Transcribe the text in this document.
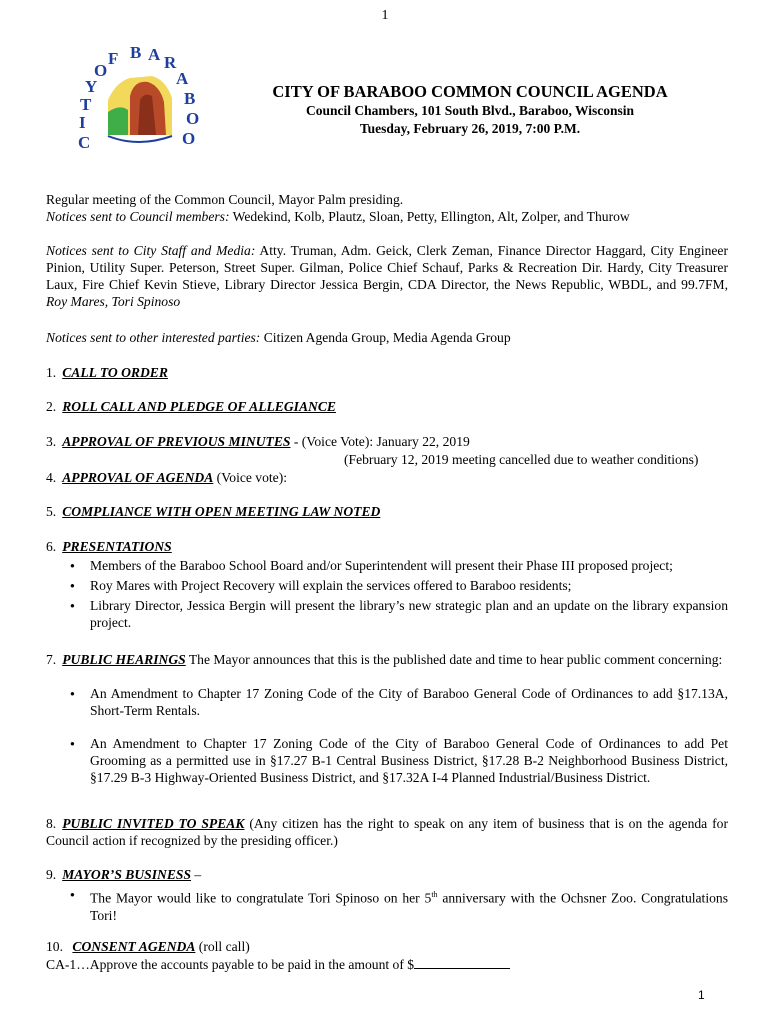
1
C
I
T
Y
O
F B A R
A
B
O
O
CITY OF BARABOO COMMON COUNCIL AGENDA
Council Chambers, 101 South Blvd., Baraboo, Wisconsin
Tuesday, February 26, 2019, 7:00 P.M.

Regular meeting of the Common Council, Mayor Palm presiding.

Notices sent to Council members: Wedekind, Kolb, Plautz, Sloan, Petty, Ellington, Alt, Zolper, and Thurow

Notices sent to City Staff and Media: Atty. Truman, Adm. Geick, Clerk Zeman, Finance Director Haggard, City Engineer Pinion, Utility Super. Peterson, Street Super. Gilman, Police Chief Schauf, Parks & Recreation Dir. Hardy, City Treasurer Laux, Fire Chief Kevin Stieve, Library Director Jessica Bergin, CDA Director, the News Republic, WBDL, and 99.7FM, Roy Mares, Tori Spinoso

Notices sent to other interested parties: Citizen Agenda Group, Media Agenda Group

1. CALL TO ORDER
2. ROLL CALL AND PLEDGE OF ALLEGIANCE
3. APPROVAL OF PREVIOUS MINUTES - (Voice Vote): January 22, 2019
(February 12, 2019 meeting cancelled due to weather conditions)
4. APPROVAL OF AGENDA (Voice vote):
5. COMPLIANCE WITH OPEN MEETING LAW NOTED
6. PRESENTATIONS
● Members of the Baraboo School Board and/or Superintendent will present their Phase III proposed project;
● Roy Mares with Project Recovery will explain the services offered to Baraboo residents;
● Library Director, Jessica Bergin will present the library’s new strategic plan and an update on the library expansion project.
7. PUBLIC HEARINGS The Mayor announces that this is the published date and time to hear public comment concerning:
● An Amendment to Chapter 17 Zoning Code of the City of Baraboo General Code of Ordinances to add §17.13A, Short-Term Rentals.
● An Amendment to Chapter 17 Zoning Code of the City of Baraboo General Code of Ordinances to add Pet Grooming as a permitted use in §17.27 B-1 Central Business District, §17.28 B-2 Neighborhood Business District, §17.29 B-3 Highway-Oriented Business District, and §17.32A I-4 Planned Industrial/Business District.
8. PUBLIC INVITED TO SPEAK (Any citizen has the right to speak on any item of business that is on the agenda for Council action if recognized by the presiding officer.)
9. MAYOR’S BUSINESS –
● The Mayor would like to congratulate Tori Spinoso on her 5th anniversary with the Ochsner Zoo. Congratulations Tori!
10. CONSENT AGENDA (roll call)
CA-1…Approve the accounts payable to be paid in the amount of $
1
